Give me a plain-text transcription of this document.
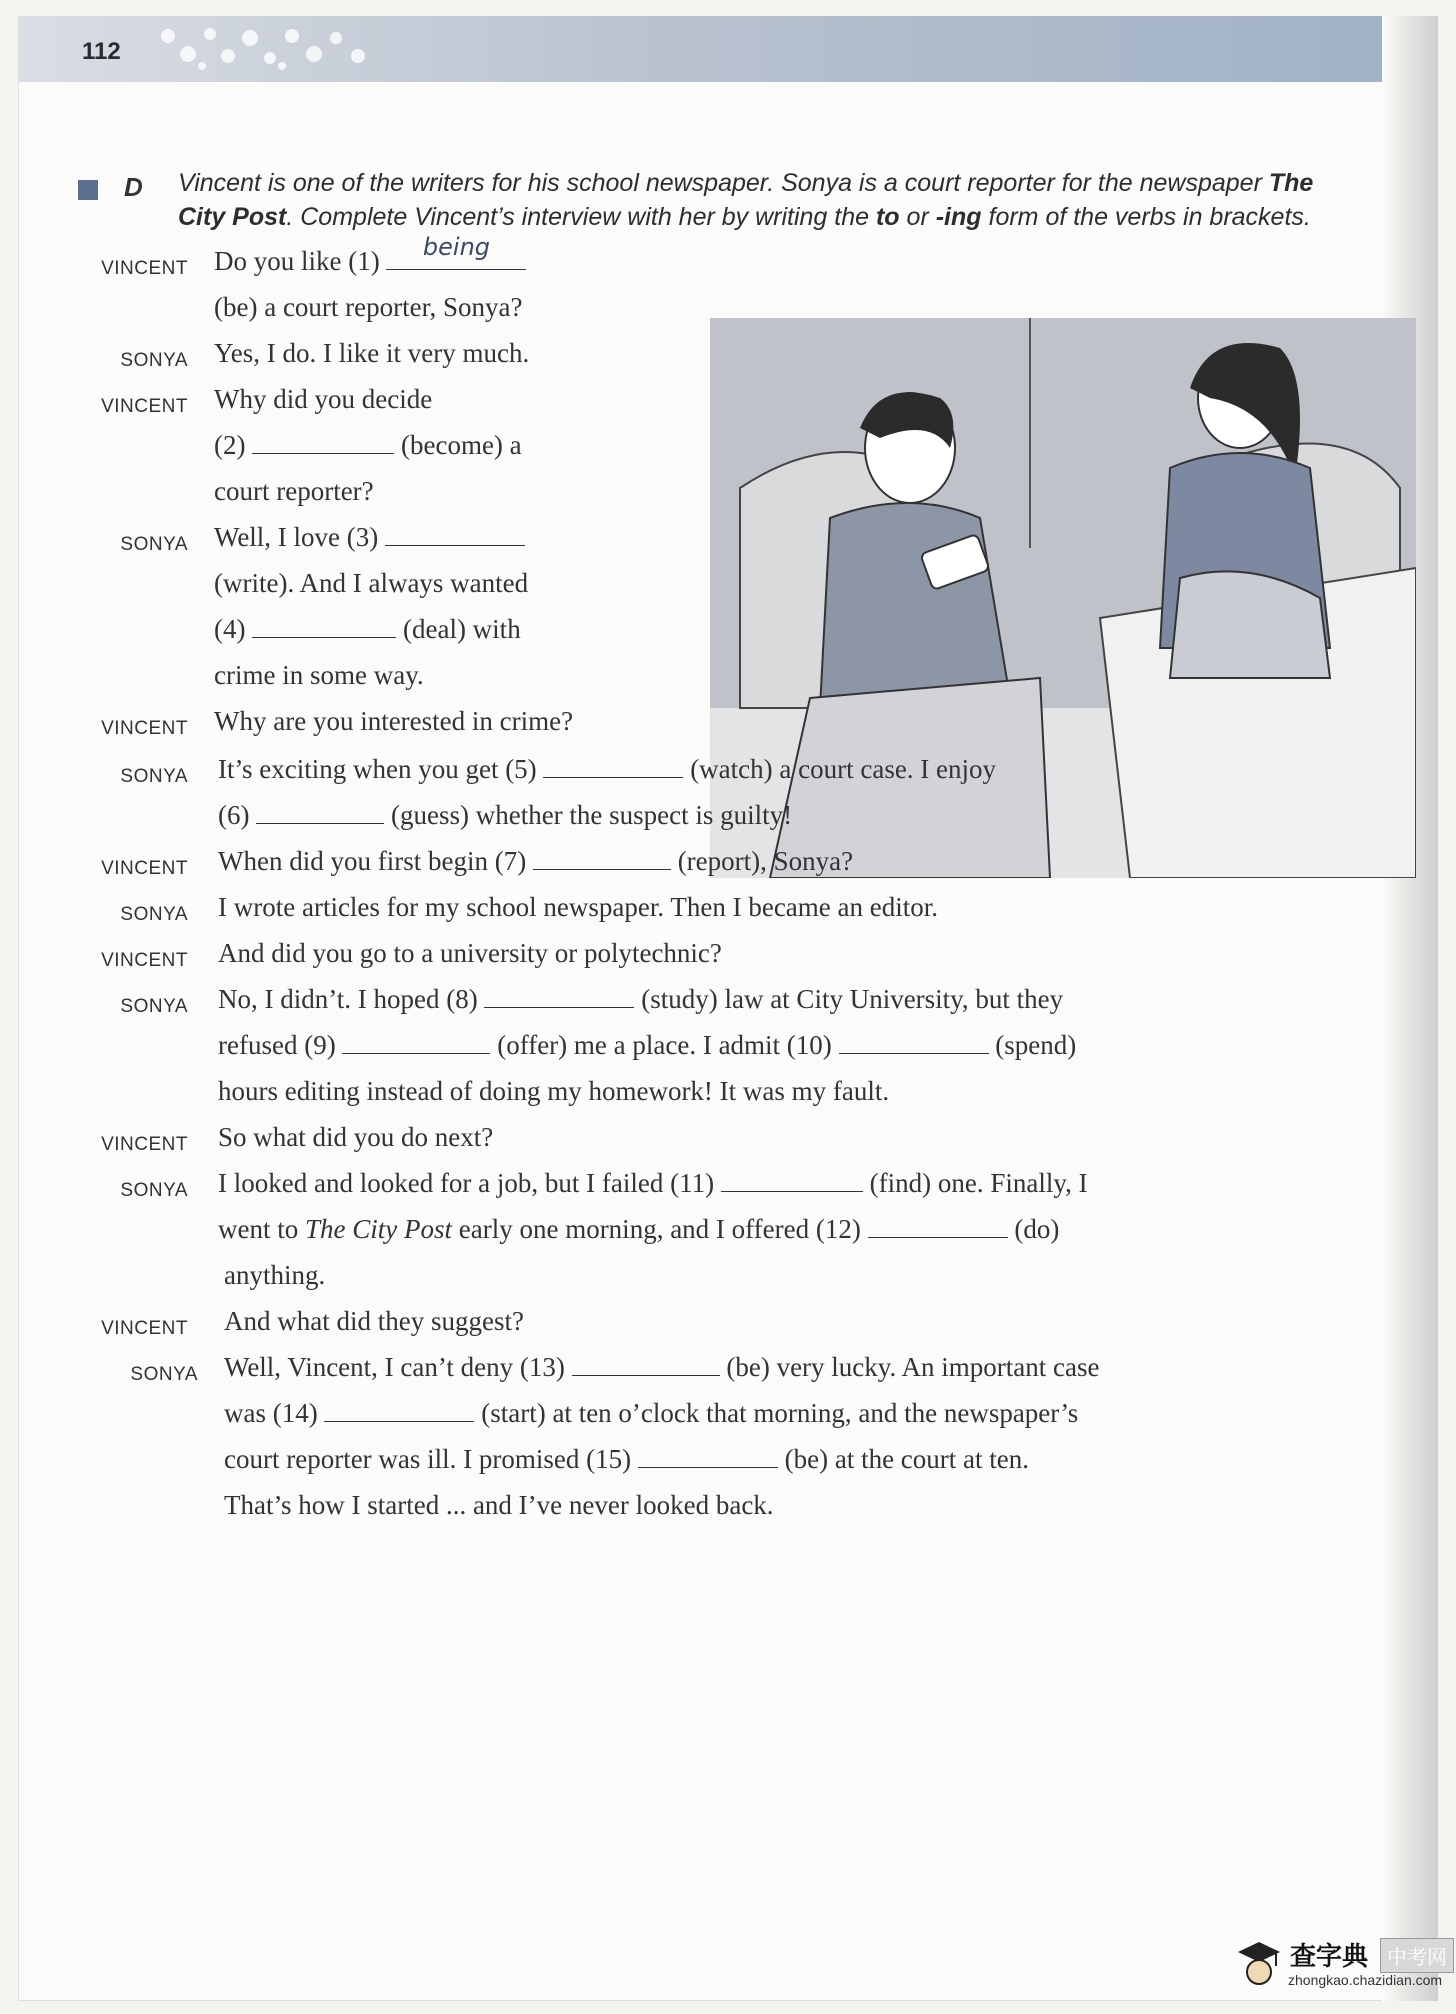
112
D Vincent is one of the writers for his school newspaper. Sonya is a court reporter for the newspaper The City Post. Complete Vincent’s interview with her by writing the to or -ing form of the verbs in brackets.
VINCENT Do you like (1)	being
(be) a court reporter, Sonya?
SONYA Yes, I do. I like it very much.
VINCENT Why did you decide
(2)	(become) a
court reporter?
SONYA Well, I love (3)
(write). And I always wanted
(4)	(deal) with
crime in some way.
VINCENT Why are you interested in crime?
SONYA It’s exciting when you get (5)	(watch) a court case. I enjoy
(6)	(guess) whether the suspect is guilty!
VINCENT When did you first begin (7)	(report), Sonya?
SONYA I wrote articles for my school newspaper. Then I became an editor.
VINCENT And did you go to a university or polytechnic?
SONYA No, I didn’t. I hoped (8)	(study) law at City University, but they
refused (9)	(offer) me a place. I admit (10)	(spend)
hours editing instead of doing my homework! It was my fault.
VINCENT So what did you do next?
SONYA I looked and looked for a job, but I failed (11)	(find) one. Finally, I
went to The City Post early one morning, and I offered (12)	(do)
anything.
VINCENT And what did they suggest?
SONYA Well, Vincent, I can’t deny (13)	(be) very lucky. An important case
was (14)	(start) at ten o’clock that morning, and the newspaper’s
court reporter was ill. I promised (15)	(be) at the court at ten.
That’s how I started ... and I’ve never looked back.
查字典 中考网
zhongkao.chazidian.com
